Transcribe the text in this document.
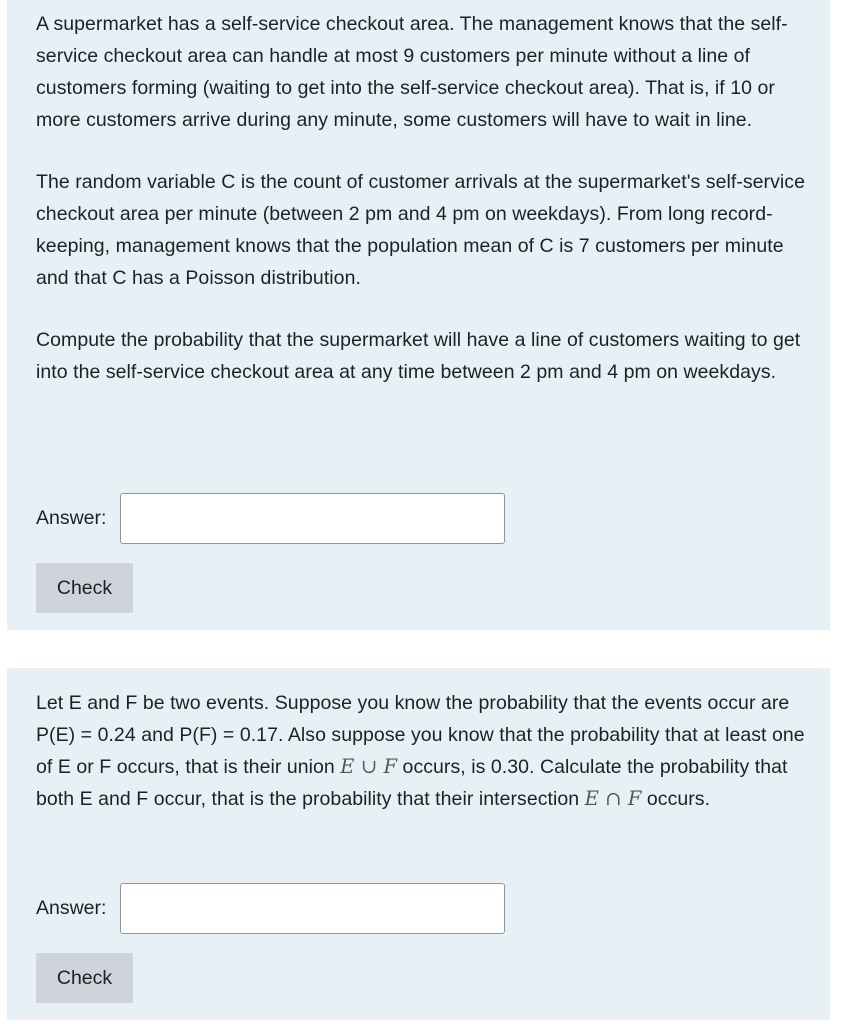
A supermarket has a self-service checkout area. The management knows that the self-service checkout area can handle at most 9 customers per minute without a line of customers forming (waiting to get into the self-service checkout area). That is, if 10 or more customers arrive during any minute, some customers will have to wait in line.

The random variable C is the count of customer arrivals at the supermarket's self-service checkout area per minute (between 2 pm and 4 pm on weekdays). From long record-keeping, management knows that the population mean of C is 7 customers per minute and that C has a Poisson distribution.

Compute the probability that the supermarket will have a line of customers waiting to get into the self-service checkout area at any time between 2 pm and 4 pm on weekdays.

Answer:
Check

Let E and F be two events. Suppose you know the probability that the events occur are P(E) = 0.24 and P(F) = 0.17. Also suppose you know that the probability that at least one of E or F occurs, that is their union E ∪ F occurs, is 0.30. Calculate the probability that both E and F occur, that is the probability that their intersection E ∩ F occurs.

Answer:
Check
